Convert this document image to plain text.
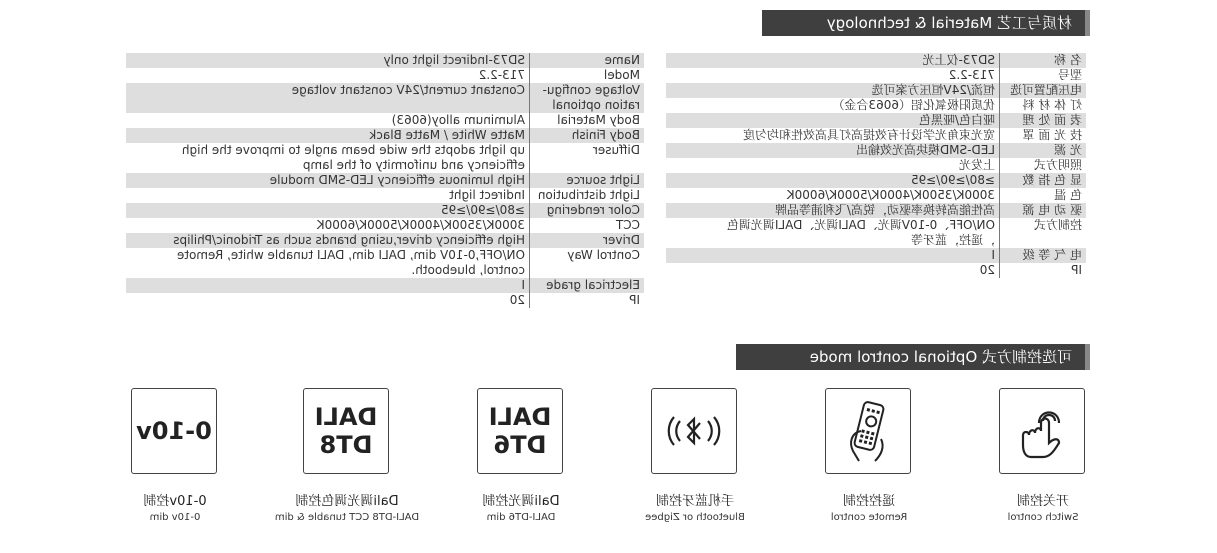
材质与工艺 Material & technology
名 称	SD73-仅上光
型号	713-2.2
电压配置可选	恒流/24V恒压方案可选
灯 体 材 料	优质阳极氧化铝（6063合金）
表 面 处 理	哑白色/哑黑色
技 光 面 罩	宽光束角光学设计有效提高灯具高效性和均匀度
光 源	LED-SMD模块高光效输出
照明方式	上发光
显 色 指 数	≥80/≥90/≥95
色 温	3000K/3500K/4000K/5000K/6000K
驱 动 电 源	高性能高转换率驱动，锐高/飞利浦等品牌
控制方式	ON/OFF、0-10V调光、DALI调光、DALI调光调色
	，遥控，蓝牙等
电 气 等 级	I
IP	20
Name	SD73-Indirect light only
Model	713-2.2
Voltage configu-	Constant current/24V constant voltage
ration optional	
Body Material	Aluminum alloy(6063)
Body Finish	Matte White / Matte Black
Diffuser	up light adopts the wide beam angle to improve the high
	efficiency and uniformity of the lamp
Light source	High luminous efficiency LED-SMD module
Light distribution	Indirect light
Color rendering	≥80/≥90/≥95
CCT	3000K/3500K/4000K/5000K/6000K
Driver	High efficiency driver,using brands such as Tridonic/Philips
Control Way	ON/OFF,0-10V dim, DALI dim, DALI tunable white, Remote
	control, bluebooth.
Electrical grade	I
IP	20
可选控制方式 Optional control mode
DALI
DT6
DALI
DT8
0-10v
开关控制
Switch control
遥控控制
Remote control
手机蓝牙控制
Bluetooth or Zigbee
Dali调光控制
DALI-DT6 dim
Dali调光调色控制
DALI-DT8 CCT tunable & dim
0-10v控制
0-10v dim
